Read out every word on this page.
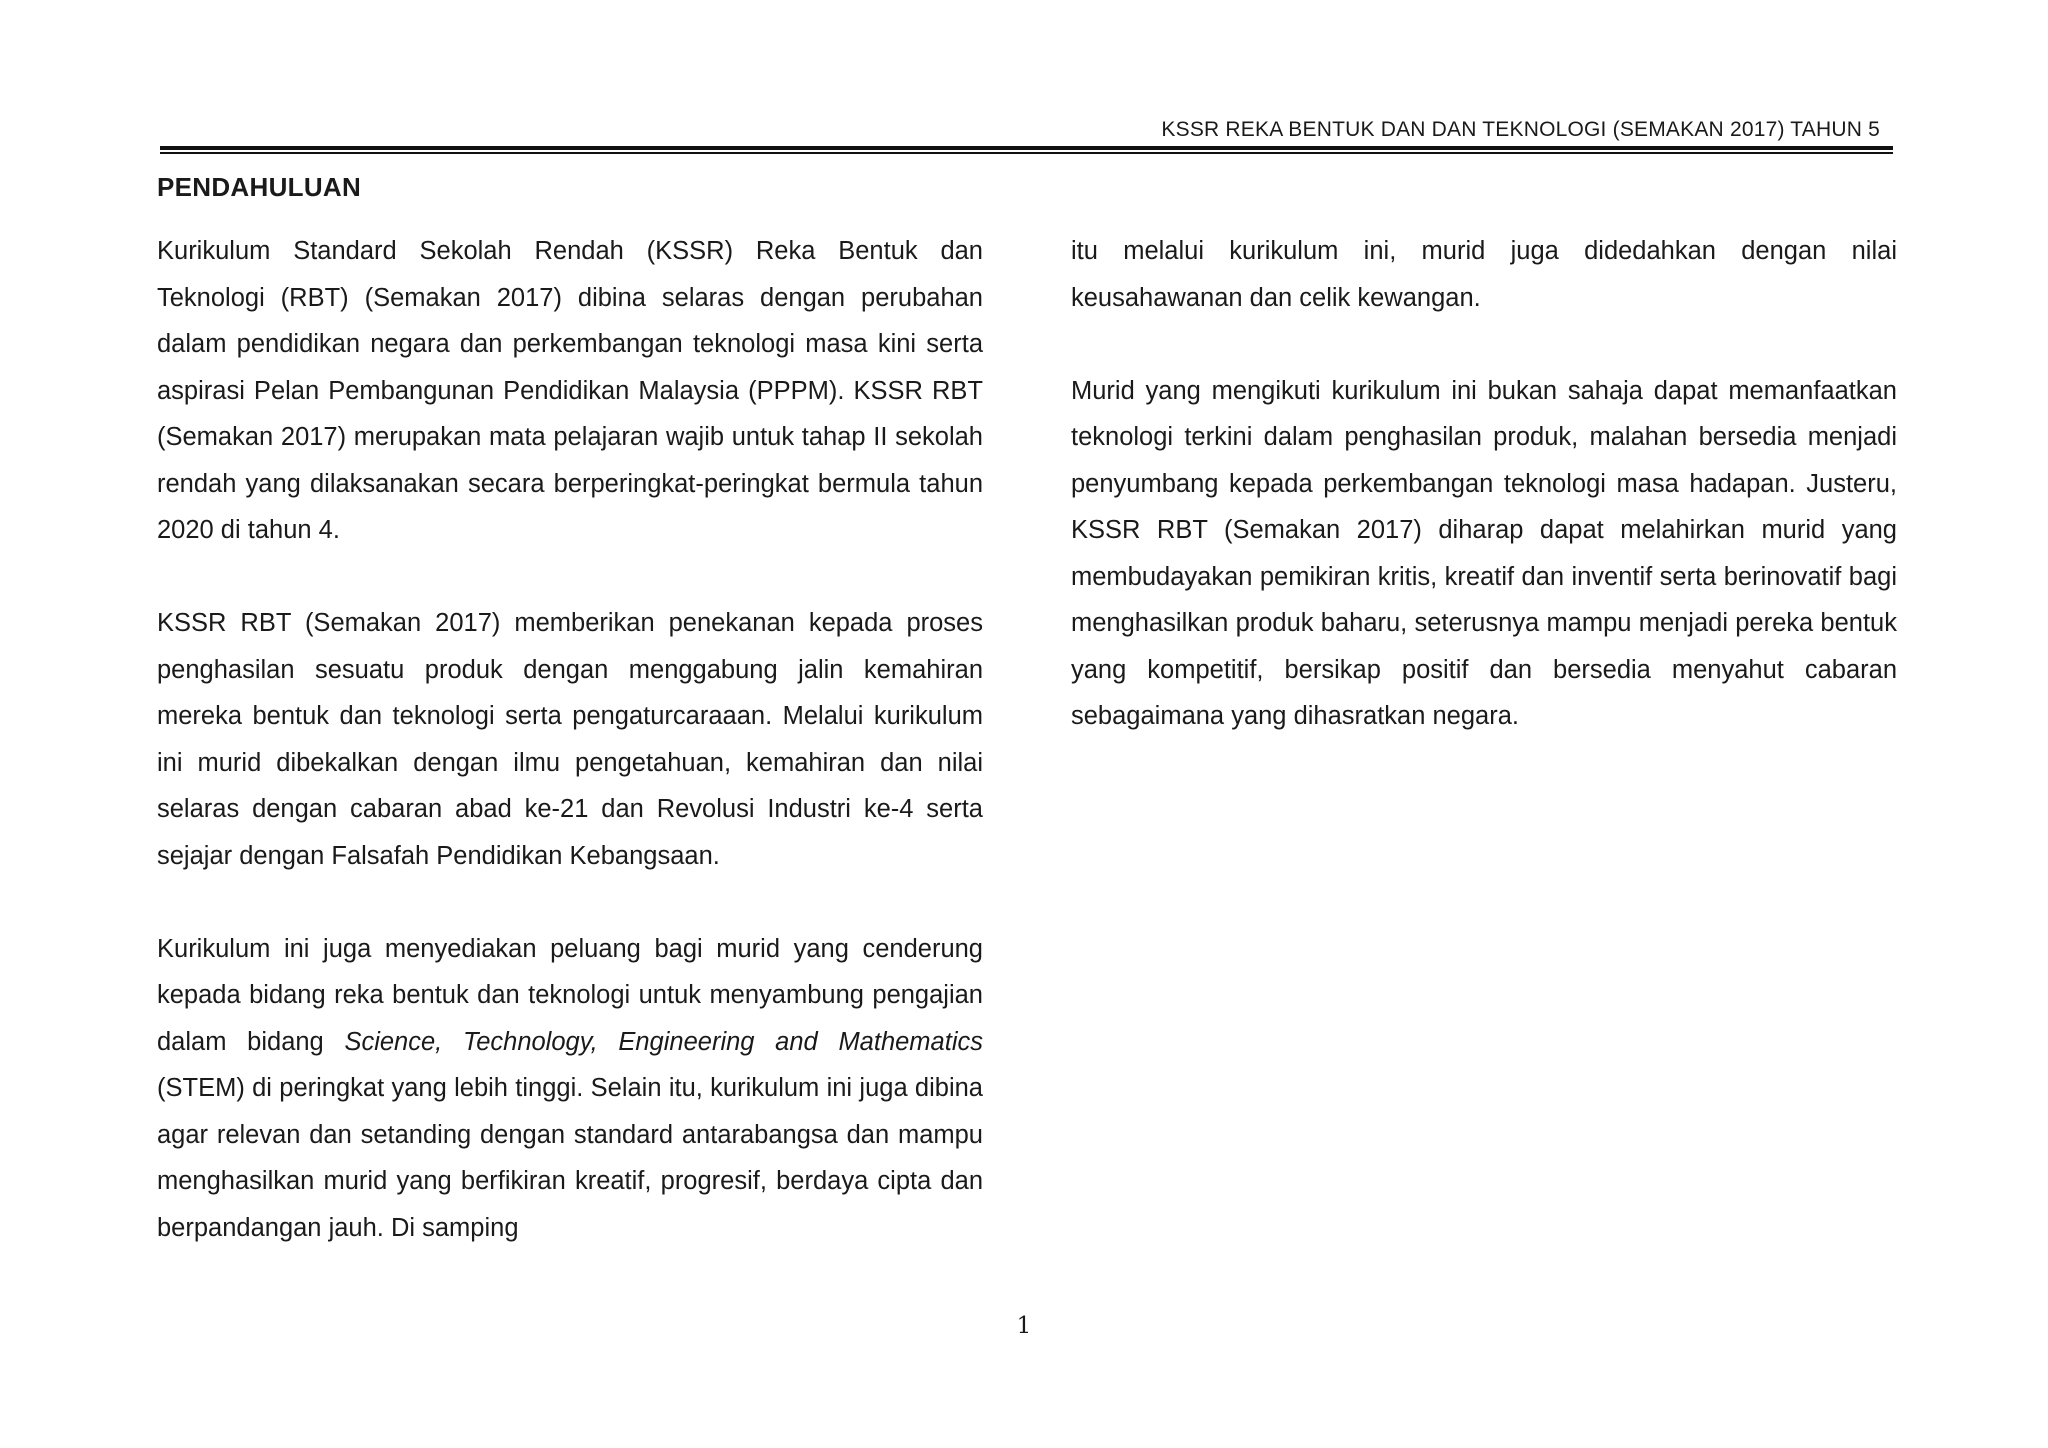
KSSR REKA BENTUK DAN DAN TEKNOLOGI (SEMAKAN 2017) TAHUN 5
PENDAHULUAN

Kurikulum Standard Sekolah Rendah (KSSR) Reka Bentuk dan Teknologi (RBT) (Semakan 2017) dibina selaras dengan perubahan dalam pendidikan negara dan perkembangan teknologi masa kini serta aspirasi Pelan Pembangunan Pendidikan Malaysia (PPPM). KSSR RBT (Semakan 2017) merupakan mata pelajaran wajib untuk tahap II sekolah rendah yang dilaksanakan secara berperingkat-peringkat bermula tahun 2020 di tahun 4.

KSSR RBT (Semakan 2017) memberikan penekanan kepada proses penghasilan sesuatu produk dengan menggabung jalin kemahiran mereka bentuk dan teknologi serta pengaturcaraaan. Melalui kurikulum ini murid dibekalkan dengan ilmu pengetahuan, kemahiran dan nilai selaras dengan cabaran abad ke-21 dan Revolusi Industri ke-4 serta sejajar dengan Falsafah Pendidikan Kebangsaan.

Kurikulum ini juga menyediakan peluang bagi murid yang cenderung kepada bidang reka bentuk dan teknologi untuk menyambung pengajian dalam bidang Science, Technology, Engineering and Mathematics (STEM) di peringkat yang lebih tinggi. Selain itu, kurikulum ini juga dibina agar relevan dan setanding dengan standard antarabangsa dan mampu menghasilkan murid yang berfikiran kreatif, progresif, berdaya cipta dan berpandangan jauh. Di samping

itu melalui kurikulum ini, murid juga didedahkan dengan nilai keusahawanan dan celik kewangan.

Murid yang mengikuti kurikulum ini bukan sahaja dapat memanfaatkan teknologi terkini dalam penghasilan produk, malahan bersedia menjadi penyumbang kepada perkembangan teknologi masa hadapan. Justeru, KSSR RBT (Semakan 2017) diharap dapat melahirkan murid yang membudayakan pemikiran kritis, kreatif dan inventif serta berinovatif bagi menghasilkan produk baharu, seterusnya mampu menjadi pereka bentuk yang kompetitif, bersikap positif dan bersedia menyahut cabaran sebagaimana yang dihasratkan negara.

1
